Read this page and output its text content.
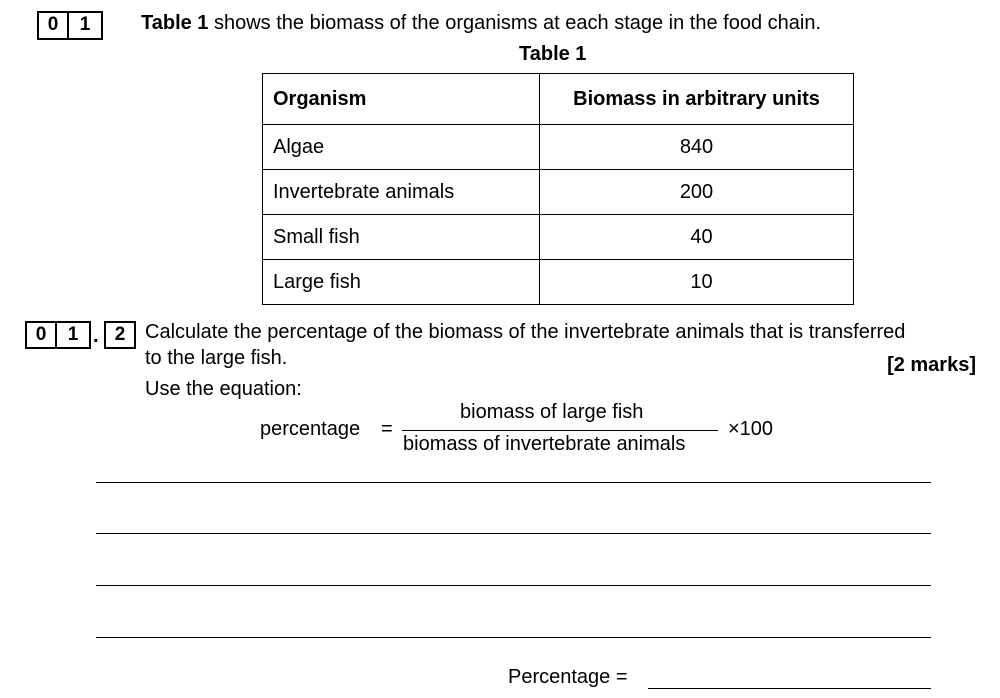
0	1	Table 1 shows the biomass of the organisms at each stage in the food chain.
Table 1
Organism	Biomass in arbitrary units
Algae	840
Invertebrate animals	200
Small fish	40
Large fish	10
0	1 . 2 Calculate the percentage of the biomass of the invertebrate animals that is transferred
to the large fish.	[2 marks]
Use the equation:
percentage =
biomass of large fish
biomass of invertebrate animals
×100
Percentage =
